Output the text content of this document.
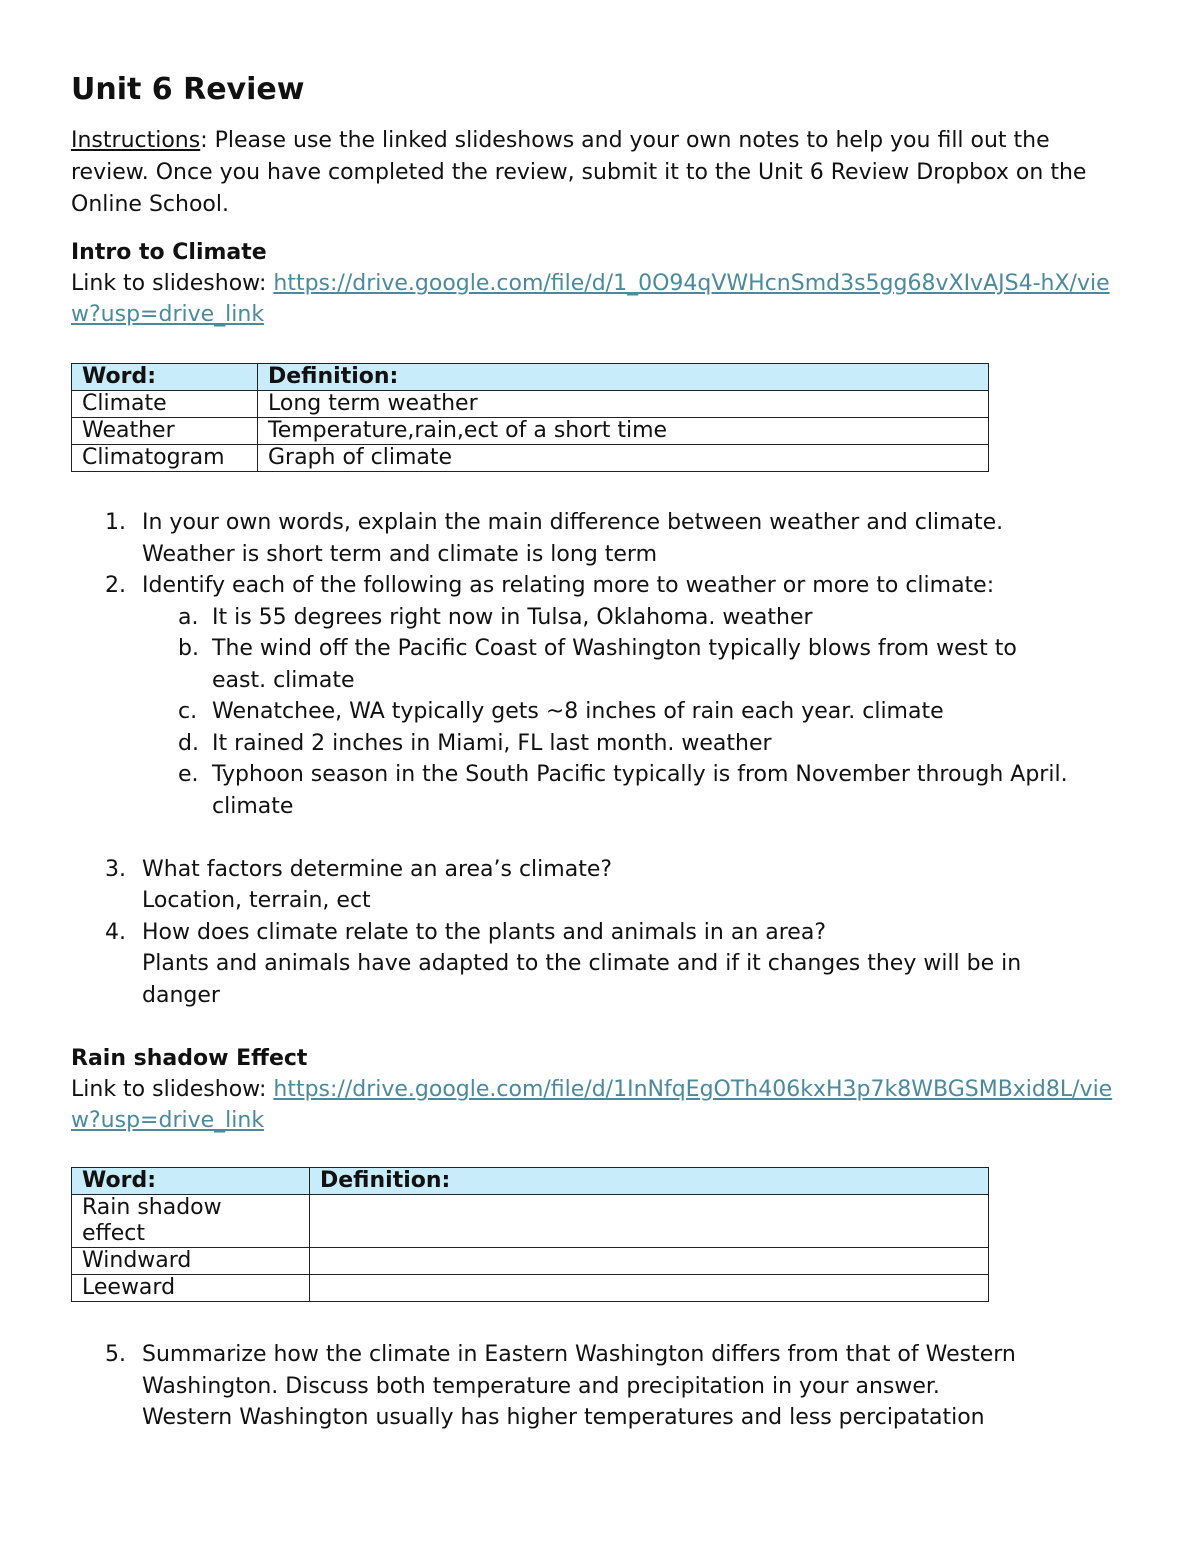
Unit 6 Review

Instructions: Please use the linked slideshows and your own notes to help you fill out the review. Once you have completed the review, submit it to the Unit 6 Review Dropbox on the Online School.

Intro to Climate

Link to slideshow: https://drive.google.com/file/d/1_0O94qVWHcnSmd3s5gg68vXIvAJS4-hX/view?usp=drive_link

Word:	Definition:
Climate	Long term weather
Weather	Temperature,rain,ect of a short time
Climatogram	Graph of climate
1. In your own words, explain the main difference between weather and climate.
Weather is short term and climate is long term
2. Identify each of the following as relating more to weather or more to climate:
a. It is 55 degrees right now in Tulsa, Oklahoma. weather
b. The wind off the Pacific Coast of Washington typically blows from west to east. climate
c. Wenatchee, WA typically gets ~8 inches of rain each year. climate
d. It rained 2 inches in Miami, FL last month. weather
e. Typhoon season in the South Pacific typically is from November through April. climate
3. What factors determine an area’s climate?
Location, terrain, ect
4. How does climate relate to the plants and animals in an area?
Plants and animals have adapted to the climate and if it changes they will be in danger
Rain shadow Effect

Link to slideshow: https://drive.google.com/file/d/1InNfqEgOTh406kxH3p7k8WBGSMBxid8L/view?usp=drive_link

Word:	Definition:
Rain shadow effect	
Windward	
Leeward	
5. Summarize how the climate in Eastern Washington differs from that of Western Washington. Discuss both temperature and precipitation in your answer.
Western Washington usually has higher temperatures and less percipatation
